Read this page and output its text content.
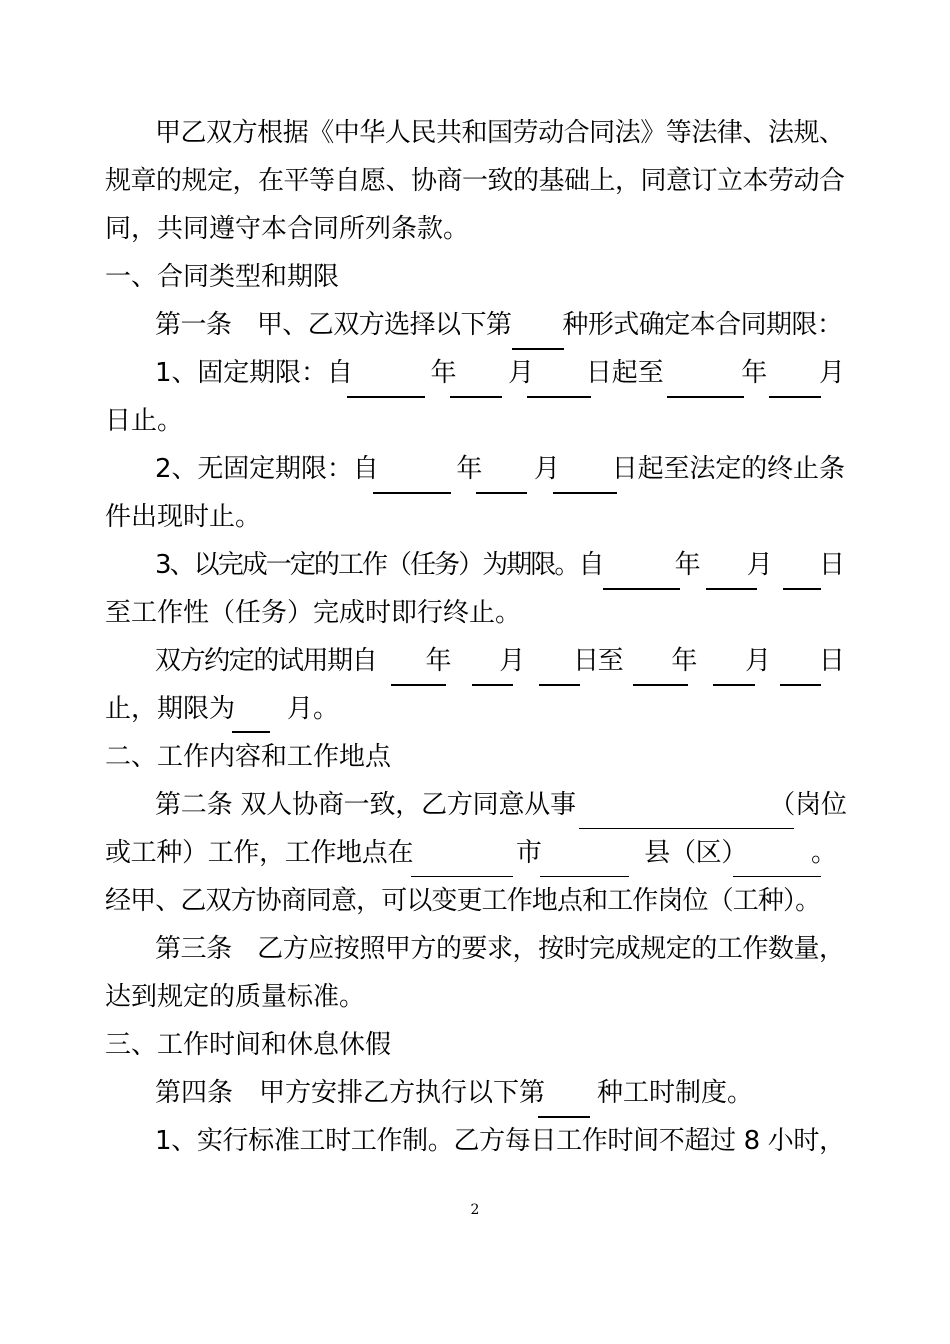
甲乙双方根据《中华人民共和国劳动合同法》等法律、法规、
规章的规定，在平等自愿、协商一致的基础上，同意订立本劳动合
同，共同遵守本合同所列条款。
一、合同类型和期限
第一条　甲、乙双方选择以下第　　种形式确定本合同期限：
1、固定期限：自　　　年　　月　　日起至　　　年　　月
日止。
2、无固定期限：自　　　年　　月　　日起至法定的终止条
件出现时止。
3、以完成一定的工作（任务）为期限。自　　　年　　月　　日
至工作性（任务）完成时即行终止。
双方约定的试用期自　　年　　月　　日至　　年　　月　　日
止，期限为　　月。
二、工作内容和工作地点
第二条 双人协商一致，乙方同意从事　　　　　　　　（岗位
或工种）工作，工作地点在　　　　市　　　　县（区）　　　。
经甲、乙双方协商同意，可以变更工作地点和工作岗位（工种）。
第三条　乙方应按照甲方的要求，按时完成规定的工作数量，
达到规定的质量标准。
三、工作时间和休息休假
第四条　甲方安排乙方执行以下第　　种工时制度。
1、实行标准工时工作制。乙方每日工作时间不超过 8 小时，
2
